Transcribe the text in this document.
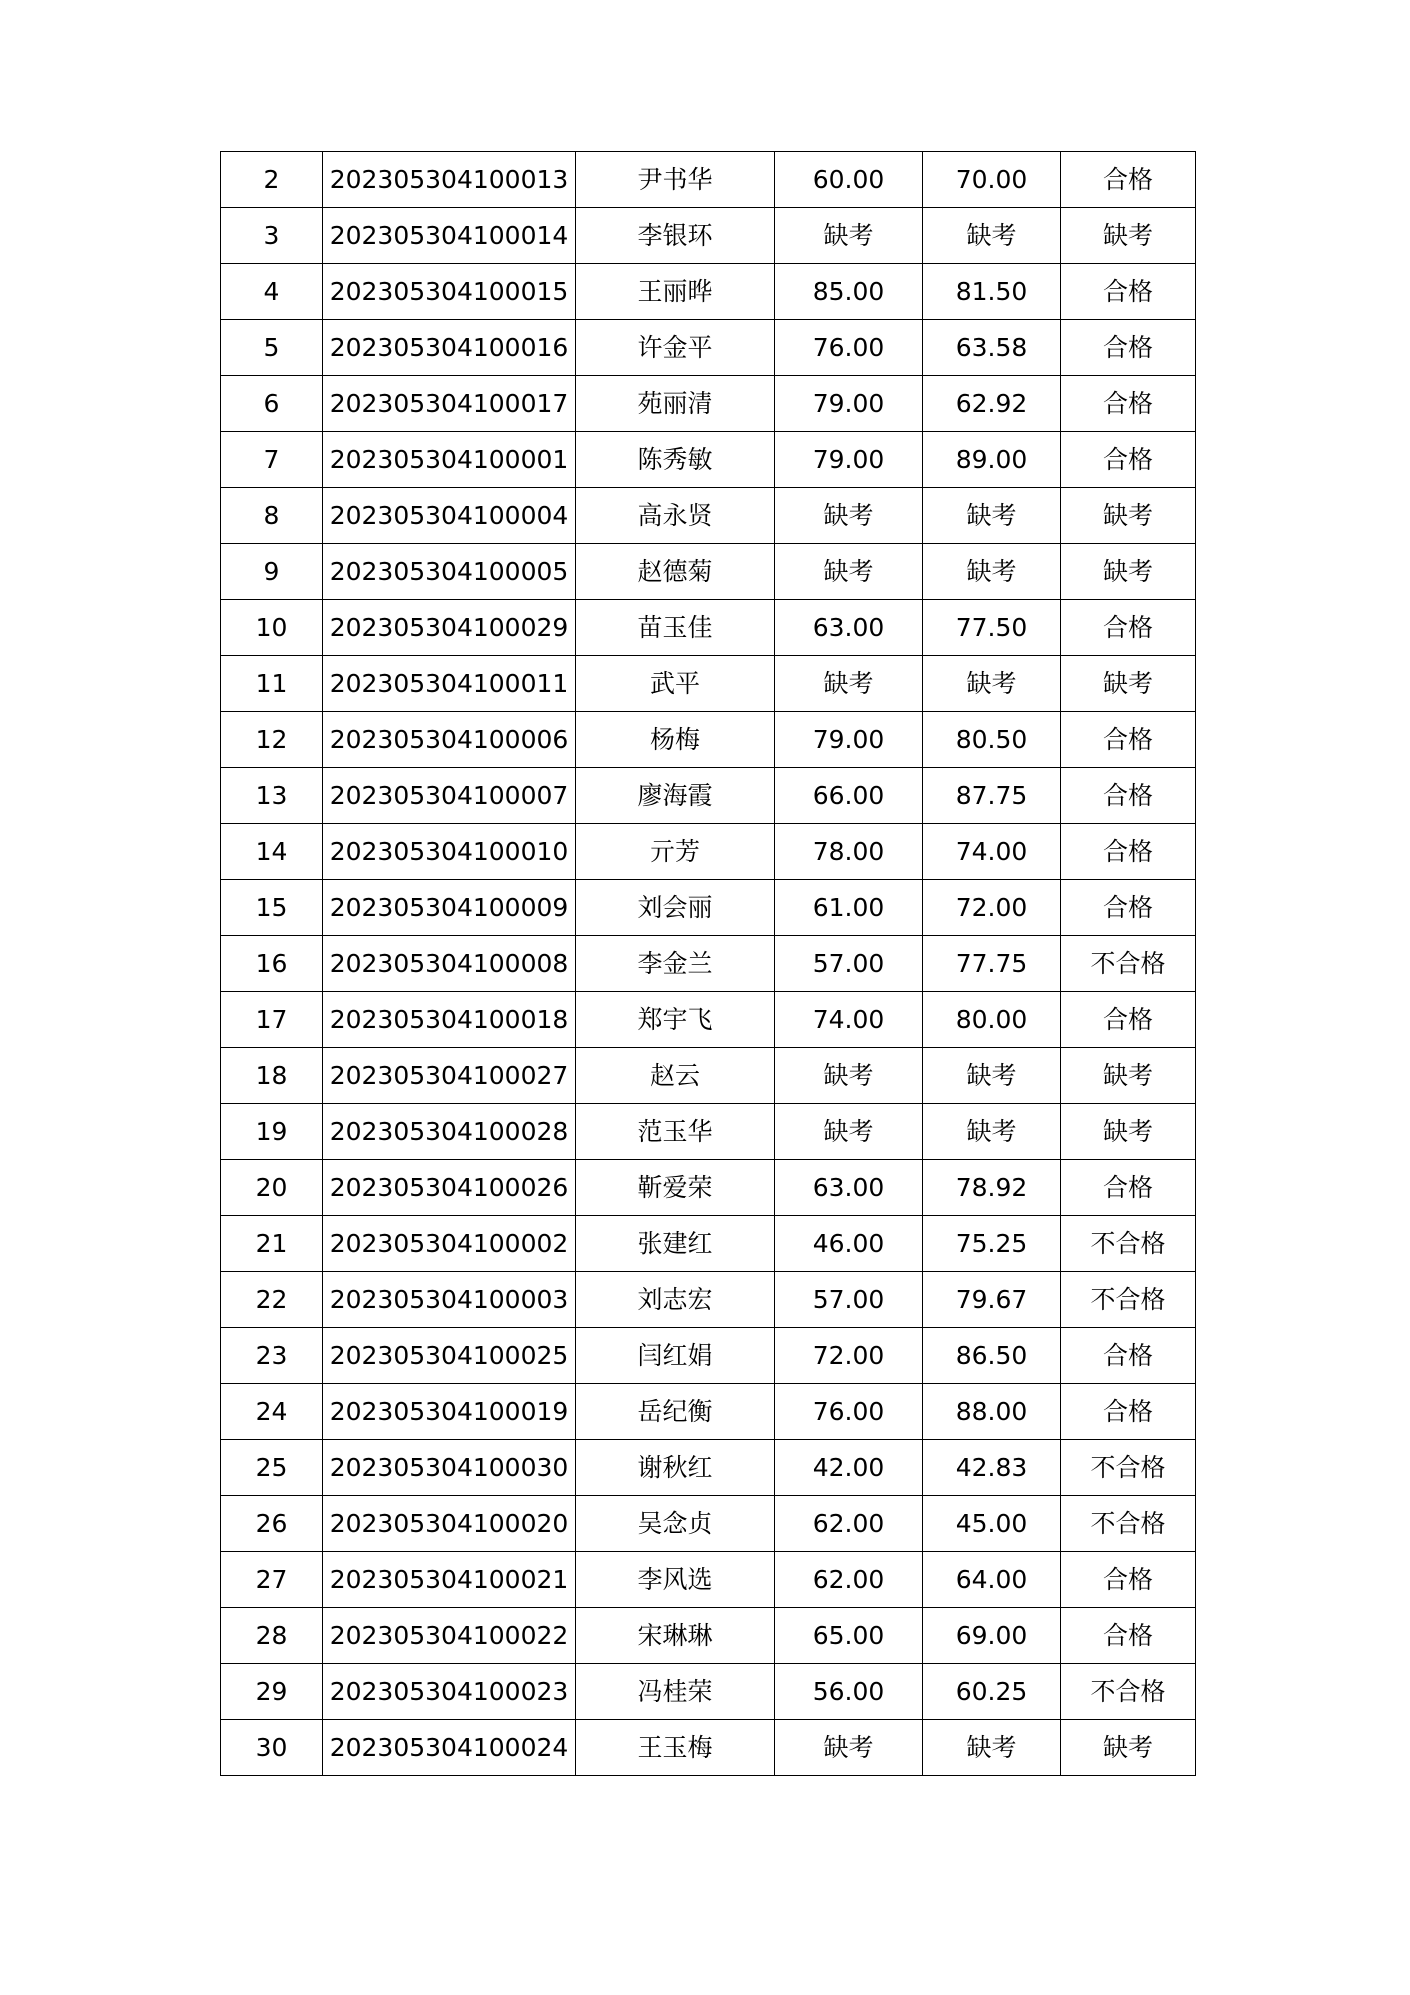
2	202305304100013	尹书华	60.00	70.00	合格
3	202305304100014	李银环	缺考	缺考	缺考
4	202305304100015	王丽晔	85.00	81.50	合格
5	202305304100016	许金平	76.00	63.58	合格
6	202305304100017	苑丽清	79.00	62.92	合格
7	202305304100001	陈秀敏	79.00	89.00	合格
8	202305304100004	高永贤	缺考	缺考	缺考
9	202305304100005	赵德菊	缺考	缺考	缺考
10	202305304100029	苗玉佳	63.00	77.50	合格
11	202305304100011	武平	缺考	缺考	缺考
12	202305304100006	杨梅	79.00	80.50	合格
13	202305304100007	廖海霞	66.00	87.75	合格
14	202305304100010	亓芳	78.00	74.00	合格
15	202305304100009	刘会丽	61.00	72.00	合格
16	202305304100008	李金兰	57.00	77.75	不合格
17	202305304100018	郑宇飞	74.00	80.00	合格
18	202305304100027	赵云	缺考	缺考	缺考
19	202305304100028	范玉华	缺考	缺考	缺考
20	202305304100026	靳爱荣	63.00	78.92	合格
21	202305304100002	张建红	46.00	75.25	不合格
22	202305304100003	刘志宏	57.00	79.67	不合格
23	202305304100025	闫红娟	72.00	86.50	合格
24	202305304100019	岳纪衡	76.00	88.00	合格
25	202305304100030	谢秋红	42.00	42.83	不合格
26	202305304100020	吴念贞	62.00	45.00	不合格
27	202305304100021	李风选	62.00	64.00	合格
28	202305304100022	宋琳琳	65.00	69.00	合格
29	202305304100023	冯桂荣	56.00	60.25	不合格
30	202305304100024	王玉梅	缺考	缺考	缺考
